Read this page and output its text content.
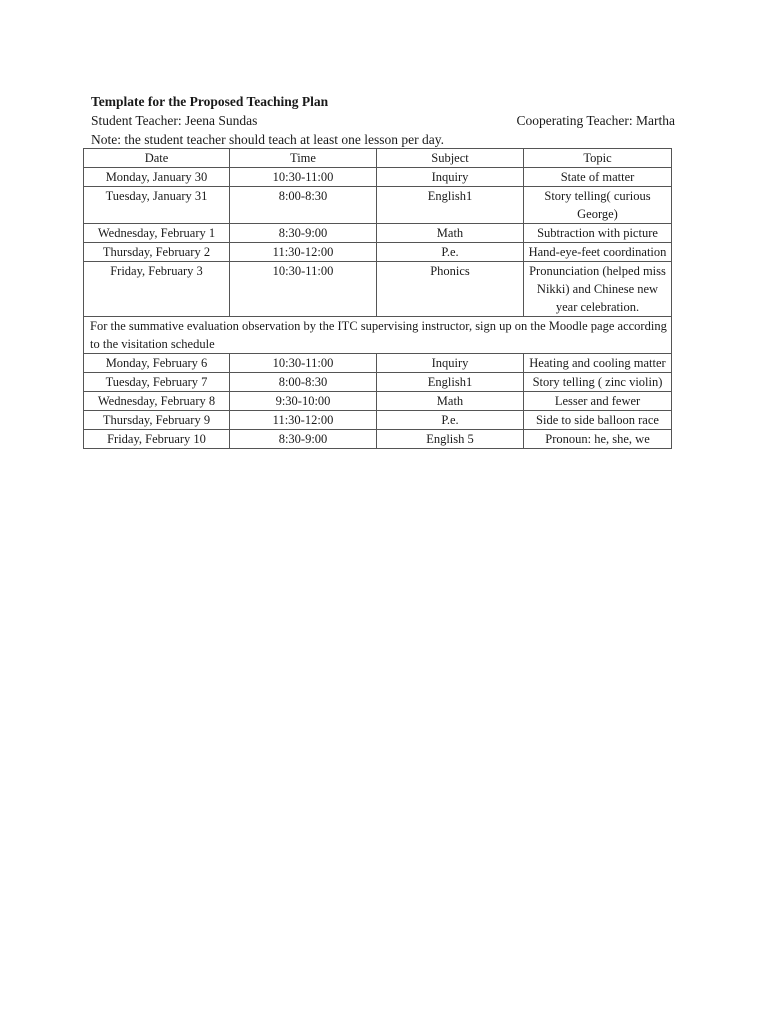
Template for the Proposed Teaching Plan
Student Teacher: Jeena Sundas	Cooperating Teacher: Martha
Note: the student teacher should teach at least one lesson per day.
Date	Time	Subject	Topic
Monday, January 30	10:30-11:00	Inquiry	State of matter
Tuesday, January 31	8:00-8:30	English1	Story telling( curious George)
Wednesday, February 1	8:30-9:00	Math	Subtraction with picture
Thursday, February 2	11:30-12:00	P.e.	Hand-eye-feet coordination
Friday, February 3	10:30-11:00	Phonics	Pronunciation (helped miss Nikki) and Chinese new year celebration.
For the summative evaluation observation by the ITC supervising instructor, sign up on the Moodle page according to the visitation schedule			
Monday, February 6	10:30-11:00	Inquiry	Heating and cooling matter
Tuesday, February 7	8:00-8:30	English1	Story telling ( zinc violin)
Wednesday, February 8	9:30-10:00	Math	Lesser and fewer
Thursday, February 9	11:30-12:00	P.e.	Side to side balloon race
Friday, February 10	8:30-9:00	English 5	Pronoun: he, she, we
